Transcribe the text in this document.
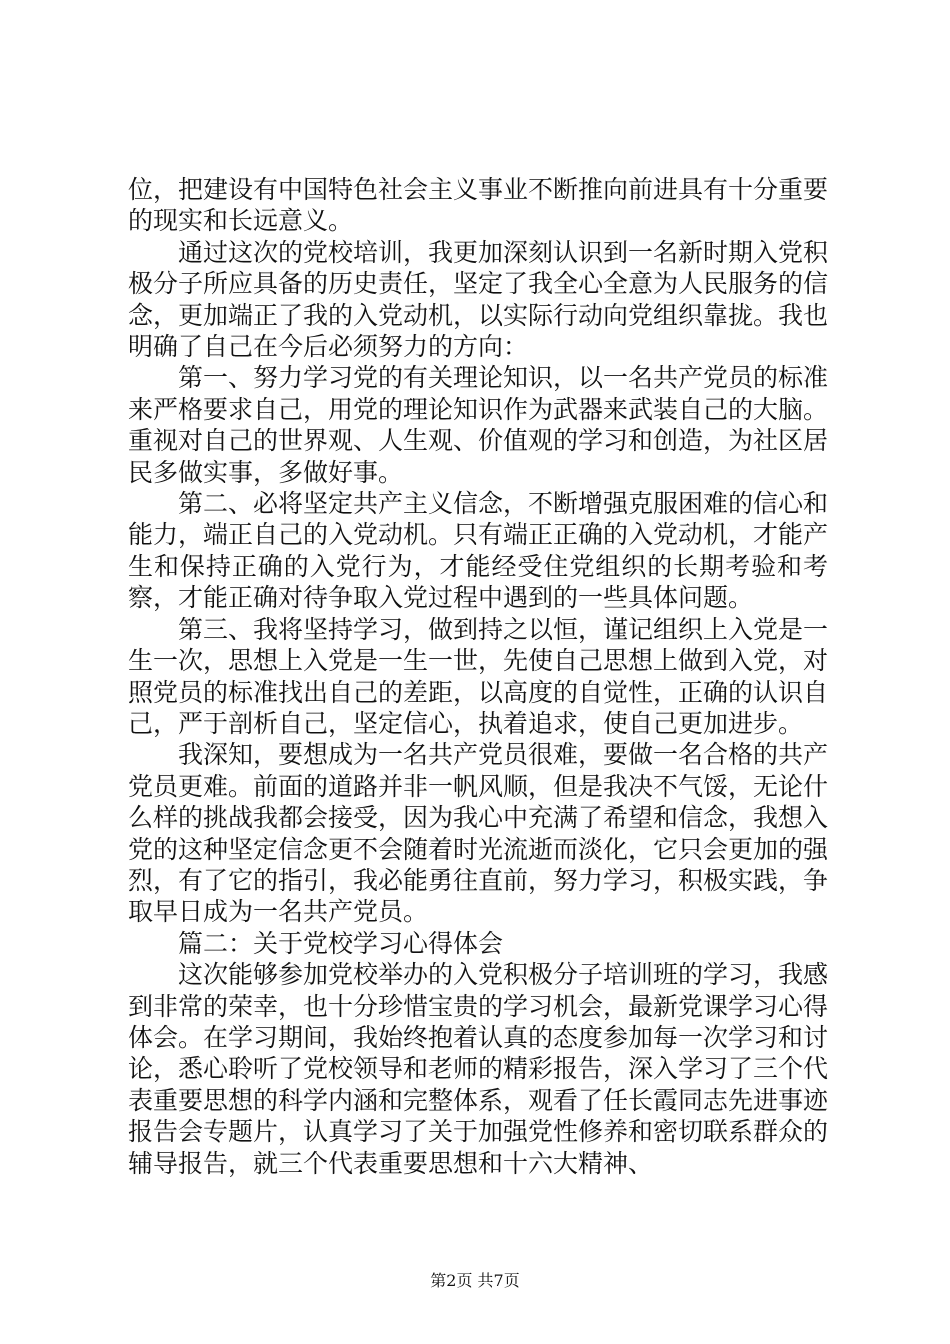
位，把建设有中国特色社会主义事业不断推向前进具有十分重要的现实和长远意义。

通过这次的党校培训，我更加深刻认识到一名新时期入党积极分子所应具备的历史责任，坚定了我全心全意为人民服务的信念，更加端正了我的入党动机，以实际行动向党组织靠拢。我也明确了自己在今后必须努力的方向：

第一、努力学习党的有关理论知识，以一名共产党员的标准来严格要求自己，用党的理论知识作为武器来武装自己的大脑。重视对自己的世界观、人生观、价值观的学习和创造，为社区居民多做实事，多做好事。

第二、必将坚定共产主义信念，不断增强克服困难的信心和能力，端正自己的入党动机。只有端正正确的入党动机，才能产生和保持正确的入党行为，才能经受住党组织的长期考验和考察，才能正确对待争取入党过程中遇到的一些具体问题。

第三、我将坚持学习，做到持之以恒，谨记组织上入党是一生一次，思想上入党是一生一世，先使自己思想上做到入党，对照党员的标准找出自己的差距，以高度的自觉性，正确的认识自己，严于剖析自己，坚定信心，执着追求，使自己更加进步。

我深知，要想成为一名共产党员很难，要做一名合格的共产党员更难。前面的道路并非一帆风顺，但是我决不气馁，无论什么样的挑战我都会接受，因为我心中充满了希望和信念，我想入党的这种坚定信念更不会随着时光流逝而淡化，它只会更加的强烈，有了它的指引，我必能勇往直前，努力学习，积极实践，争取早日成为一名共产党员。

篇二：关于党校学习心得体会

这次能够参加党校举办的入党积极分子培训班的学习，我感到非常的荣幸，也十分珍惜宝贵的学习机会，最新党课学习心得体会。在学习期间，我始终抱着认真的态度参加每一次学习和讨论，悉心聆听了党校领导和老师的精彩报告，深入学习了三个代表重要思想的科学内涵和完整体系，观看了任长霞同志先进事迹报告会专题片，认真学习了关于加强党性修养和密切联系群众的辅导报告，就三个代表重要思想和十六大精神、

第2页 共7页
